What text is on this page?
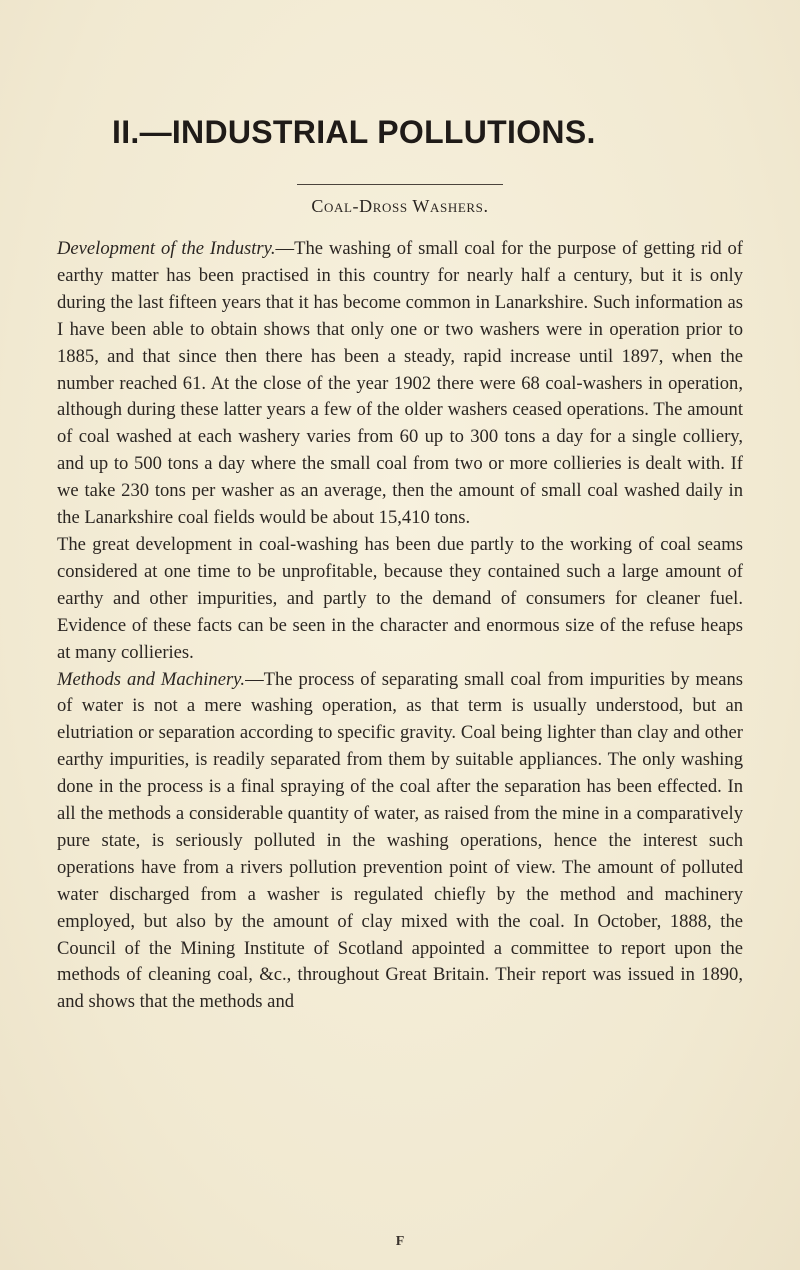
II.—INDUSTRIAL POLLUTIONS.
Coal-Dross Washers.

Development of the Industry.—The washing of small coal for the purpose of getting rid of earthy matter has been practised in this country for nearly half a century, but it is only during the last fifteen years that it has become common in Lanarkshire. Such information as I have been able to obtain shows that only one or two washers were in operation prior to 1885, and that since then there has been a steady, rapid increase until 1897, when the number reached 61. At the close of the year 1902 there were 68 coal-washers in operation, although during these latter years a few of the older washers ceased operations. The amount of coal washed at each washery varies from 60 up to 300 tons a day for a single colliery, and up to 500 tons a day where the small coal from two or more collieries is dealt with. If we take 230 tons per washer as an average, then the amount of small coal washed daily in the Lanarkshire coal fields would be about 15,410 tons.

The great development in coal-washing has been due partly to the working of coal seams considered at one time to be unprofitable, because they contained such a large amount of earthy and other impurities, and partly to the demand of consumers for cleaner fuel. Evidence of these facts can be seen in the character and enormous size of the refuse heaps at many collieries.

Methods and Machinery.—The process of separating small coal from impurities by means of water is not a mere washing operation, as that term is usually understood, but an elutriation or separation according to specific gravity. Coal being lighter than clay and other earthy impurities, is readily separated from them by suitable appliances. The only washing done in the process is a final spraying of the coal after the separation has been effected. In all the methods a considerable quantity of water, as raised from the mine in a comparatively pure state, is seriously polluted in the washing operations, hence the interest such operations have from a rivers pollution prevention point of view. The amount of polluted water discharged from a washer is regulated chiefly by the method and machinery employed, but also by the amount of clay mixed with the coal. In October, 1888, the Council of the Mining Institute of Scotland appointed a committee to report upon the methods of cleaning coal, &c., throughout Great Britain. Their report was issued in 1890, and shows that the methods and

F
